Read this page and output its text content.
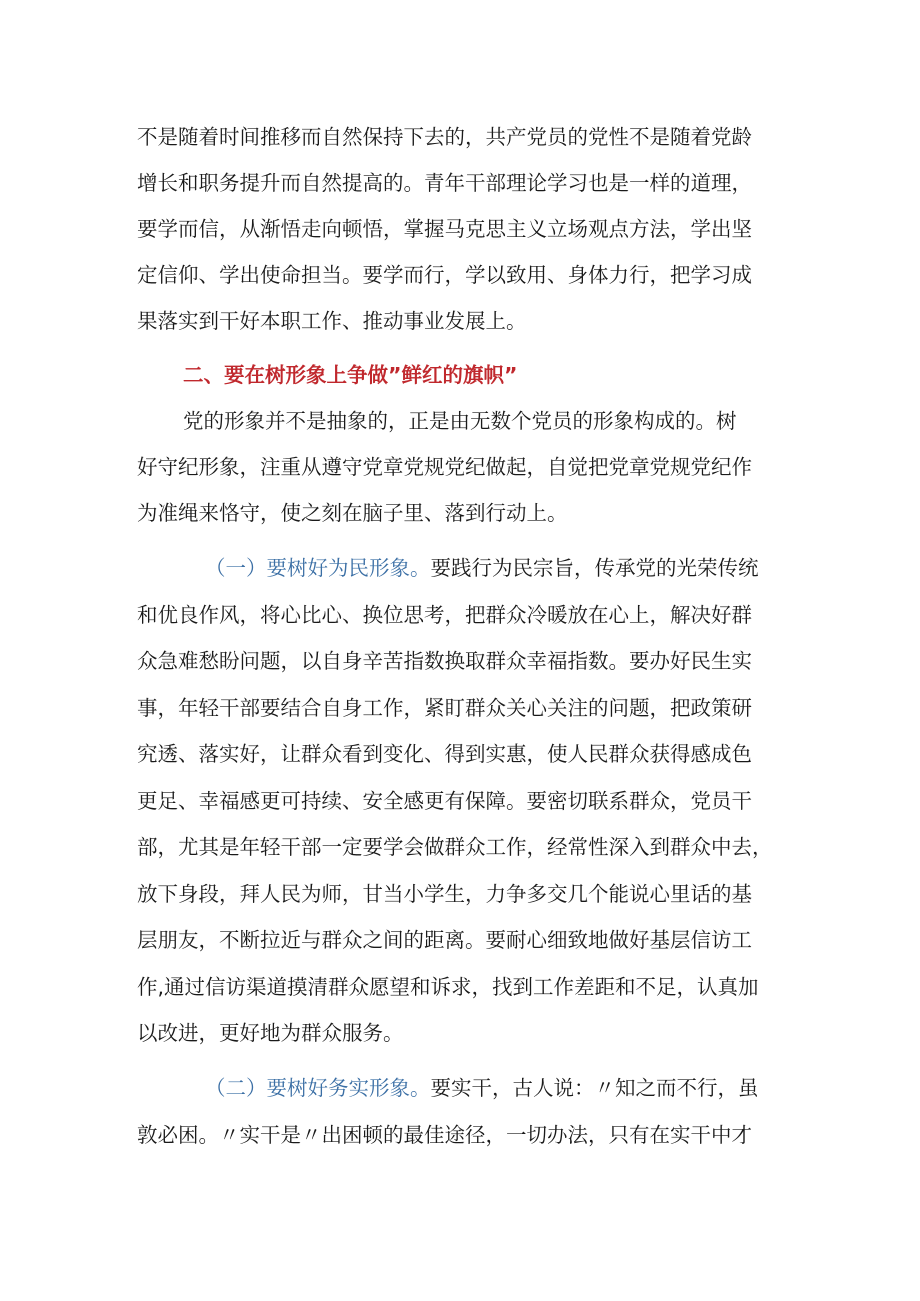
不是随着时间推移而自然保持下去的，共产党员的党性不是随着党龄
增长和职务提升而自然提高的。青年干部理论学习也是一样的道理，
要学而信，从渐悟走向顿悟，掌握马克思主义立场观点方法，学出坚
定信仰、学出使命担当。要学而行，学以致用、身体力行，把学习成
果落实到干好本职工作、推动事业发展上。
二、要在树形象上争做”鲜红的旗帜”
党的形象并不是抽象的，正是由无数个党员的形象构成的。树
好守纪形象，注重从遵守党章党规党纪做起，自觉把党章党规党纪作
为准绳来恪守，使之刻在脑子里、落到行动上。
（一）要树好为民形象。要践行为民宗旨，传承党的光荣传统
和优良作风，将心比心、换位思考，把群众冷暖放在心上，解决好群
众急难愁盼问题，以自身辛苦指数换取群众幸福指数。要办好民生实
事，年轻干部要结合自身工作，紧盯群众关心关注的问题，把政策研
究透、落实好，让群众看到变化、得到实惠，使人民群众获得感成色
更足、幸福感更可持续、安全感更有保障。要密切联系群众，党员干
部，尤其是年轻干部一定要学会做群众工作，经常性深入到群众中去，
放下身段，拜人民为师，甘当小学生，力争多交几个能说心里话的基
层朋友，不断拉近与群众之间的距离。要耐心细致地做好基层信访工
作,通过信访渠道摸清群众愿望和诉求，找到工作差距和不足，认真加
以改进，更好地为群众服务。
（二）要树好务实形象。要实干，古人说：〃知之而不行，虽
敦必困。〃实干是〃出困顿的最佳途径，一切办法，只有在实干中才
